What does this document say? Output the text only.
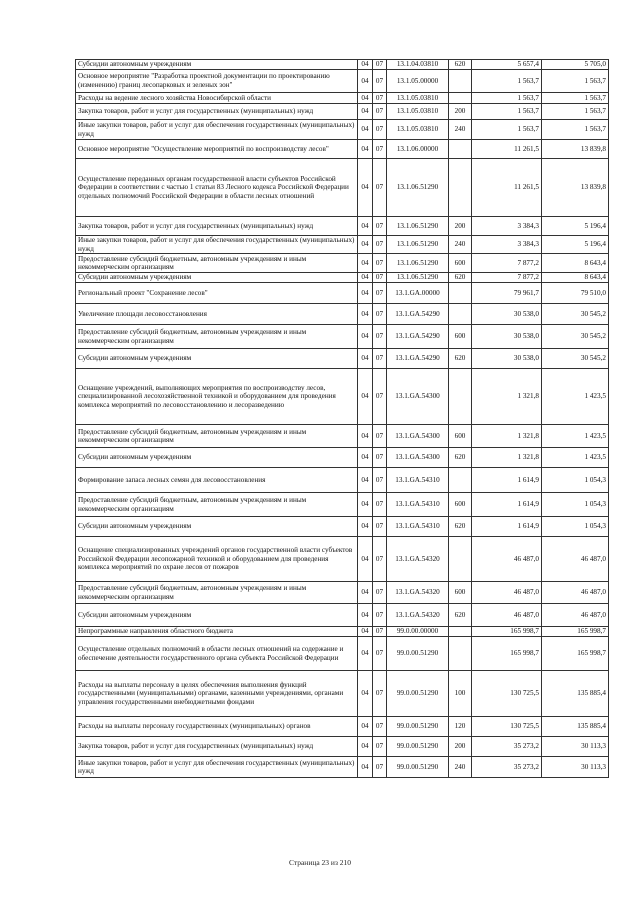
Субсидии автономным учреждениям	04	07	13.1.04.03810	620	5 657,4	5 705,0
Основное мероприятие "Разработка проектной документации по проектированию (изменению) границ лесопарковых и зеленых зон"	04	07	13.1.05.00000		1 563,7	1 563,7
Расходы на ведение лесного хозяйства Новосибирской области	04	07	13.1.05.03810		1 563,7	1 563,7
Закупка товаров, работ и услуг для государственных (муниципальных) нужд	04	07	13.1.05.03810	200	1 563,7	1 563,7
Иные закупки товаров, работ и услуг для обеспечения государственных (муниципальных) нужд	04	07	13.1.05.03810	240	1 563,7	1 563,7
Основное мероприятие "Осуществление мероприятий по воспроизводству лесов"	04	07	13.1.06.00000		11 261,5	13 839,8
Осуществление переданных органам государственной власти субъектов Российской Федерации в соответствии с частью 1 статьи 83 Лесного кодекса Российской Федерации отдельных полномочий Российской Федерации в области лесных отношений	04	07	13.1.06.51290		11 261,5	13 839,8
Закупка товаров, работ и услуг для государственных (муниципальных) нужд	04	07	13.1.06.51290	200	3 384,3	5 196,4
Иные закупки товаров, работ и услуг для обеспечения государственных (муниципальных) нужд	04	07	13.1.06.51290	240	3 384,3	5 196,4
Предоставление субсидий бюджетным, автономным учреждениям и иным некоммерческим организациям	04	07	13.1.06.51290	600	7 877,2	8 643,4
Субсидии автономным учреждениям	04	07	13.1.06.51290	620	7 877,2	8 643,4
Региональный проект "Сохранение лесов"	04	07	13.1.GA.00000		79 961,7	79 510,0
Увеличение площади лесовосстановления	04	07	13.1.GA.54290		30 538,0	30 545,2
Предоставление субсидий бюджетным, автономным учреждениям и иным некоммерческим организациям	04	07	13.1.GA.54290	600	30 538,0	30 545,2
Субсидии автономным учреждениям	04	07	13.1.GA.54290	620	30 538,0	30 545,2
Оснащение учреждений, выполняющих мероприятия по воспроизводству лесов, специализированной лесохозяйственной техникой и оборудованием для проведения комплекса мероприятий по лесовосстановлению и лесоразведению	04	07	13.1.GA.54300		1 321,8	1 423,5
Предоставление субсидий бюджетным, автономным учреждениям и иным некоммерческим организациям	04	07	13.1.GA.54300	600	1 321,8	1 423,5
Субсидии автономным учреждениям	04	07	13.1.GA.54300	620	1 321,8	1 423,5
Формирование запаса лесных семян для лесовосстановления	04	07	13.1.GA.54310		1 614,9	1 054,3
Предоставление субсидий бюджетным, автономным учреждениям и иным некоммерческим организациям	04	07	13.1.GA.54310	600	1 614,9	1 054,3
Субсидии автономным учреждениям	04	07	13.1.GA.54310	620	1 614,9	1 054,3
Оснащение специализированных учреждений органов государственной власти субъектов Российской Федерации лесопожарной техникой и оборудованием для проведения комплекса мероприятий по охране лесов от пожаров	04	07	13.1.GA.54320		46 487,0	46 487,0
Предоставление субсидий бюджетным, автономным учреждениям и иным некоммерческим организациям	04	07	13.1.GA.54320	600	46 487,0	46 487,0
Субсидии автономным учреждениям	04	07	13.1.GA.54320	620	46 487,0	46 487,0
Непрограммные направления областного бюджета	04	07	99.0.00.00000		165 998,7	165 998,7
Осуществление отдельных полномочий в области лесных отношений на содержание и обеспечение деятельности государственного органа субъекта Российской Федерации	04	07	99.0.00.51290		165 998,7	165 998,7
Расходы на выплаты персоналу в целях обеспечения выполнения функций государственными (муниципальными) органами, казенными учреждениями, органами управления государственными внебюджетными фондами	04	07	99.0.00.51290	100	130 725,5	135 885,4
Расходы на выплаты персоналу государственных (муниципальных) органов	04	07	99.0.00.51290	120	130 725,5	135 885,4
Закупка товаров, работ и услуг для государственных (муниципальных) нужд	04	07	99.0.00.51290	200	35 273,2	30 113,3
Иные закупки товаров, работ и услуг для обеспечения государственных (муниципальных) нужд	04	07	99.0.00.51290	240	35 273,2	30 113,3
Страница 23 из 210
